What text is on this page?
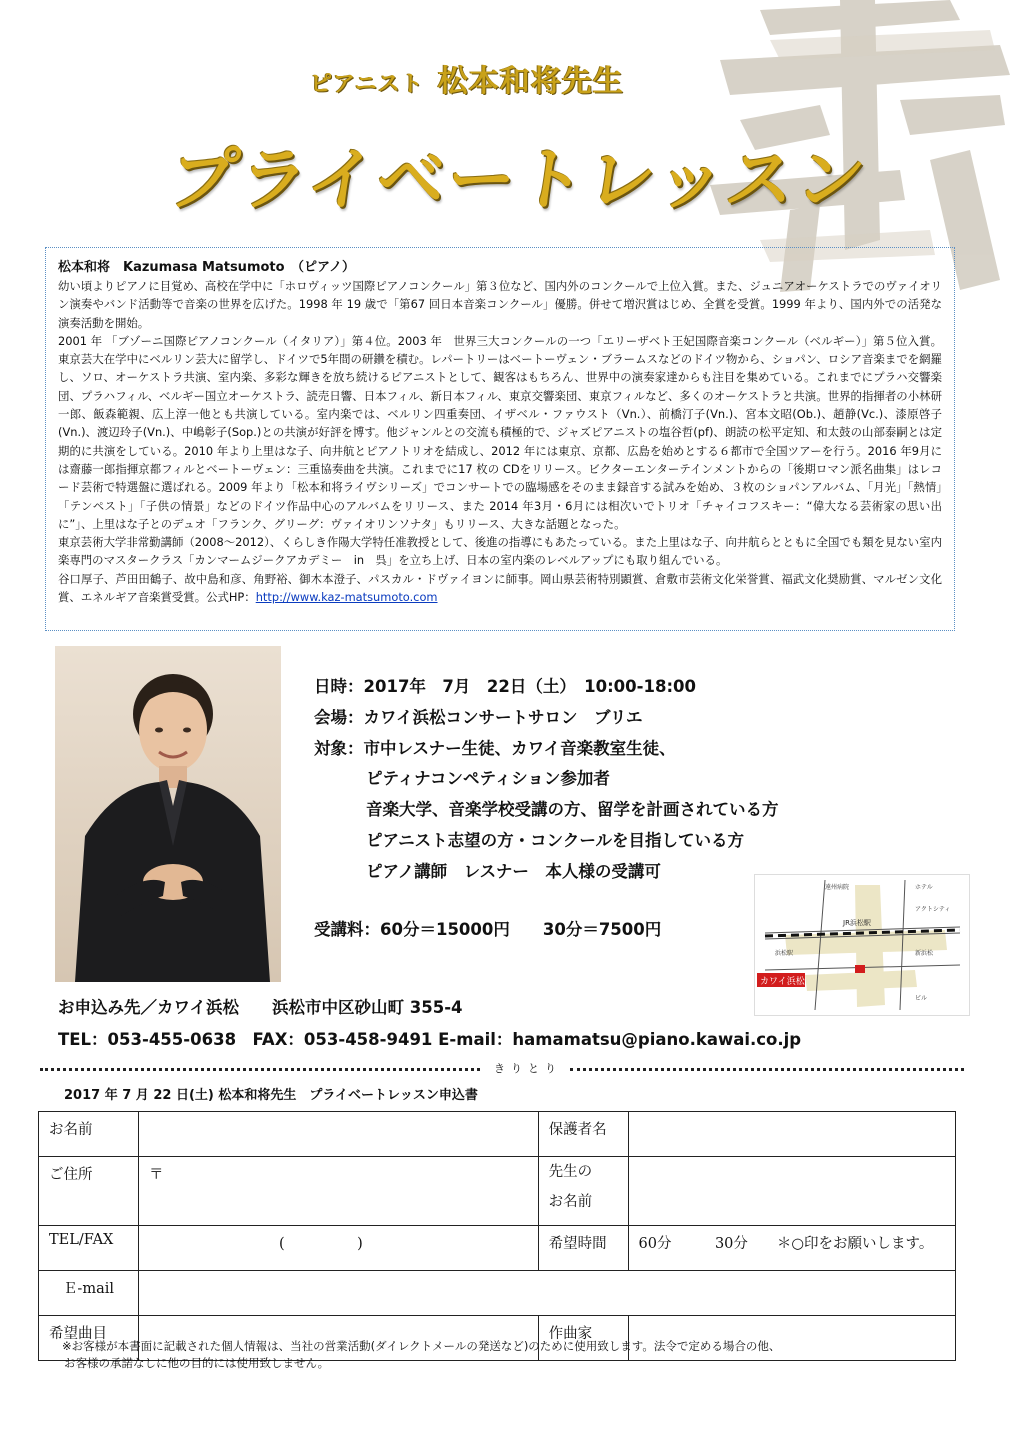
ピアニスト 松本和将先生
プライベートレッスン
松本和将　Kazumasa Matsumoto　（ピアノ）

幼い頃よりピアノに目覚め、高校在学中に「ホロヴィッツ国際ピアノコンクール」第３位など、国内外のコンクールで上位入賞。また、ジュニアオーケストラでのヴァイオリン演奏やバンド活動等で音楽の世界を広げた。1998 年 19 歳で「第67 回日本音楽コンクール」優勝。併せて増沢賞はじめ、全賞を受賞。1999 年より、国内外での活発な演奏活動を開始。

2001 年 「ブゾーニ国際ピアノコンクール（イタリア）」第４位。2003 年　世界三大コンクールの一つ「エリーザベト王妃国際音楽コンクール（ベルギー）」第５位入賞。東京芸大在学中にベルリン芸大に留学し、ドイツで5年間の研鑽を積む。レパートリーはベートーヴェン・ブラームスなどのドイツ物から、ショパン、ロシア音楽までを網羅し、ソロ、オーケストラ共演、室内楽、多彩な輝きを放ち続けるピアニストとして、観客はもちろん、世界中の演奏家達からも注目を集めている。これまでにプラハ交響楽団、プラハフィル、ベルギー国立オーケストラ、読売日響、日本フィル、新日本フィル、東京交響楽団、東京フィルなど、多くのオーケストラと共演。世界的指揮者の小林研一郎、飯森範親、広上淳一他とも共演している。室内楽では、ベルリン四重奏団、イザベル・ファウスト（Vn.）、前橋汀子(Vn.)、宮本文昭(Ob.)、趙静(Vc.)、漆原啓子(Vn.)、渡辺玲子(Vn.)、中嶋彰子(Sop.)との共演が好評を博す。他ジャンルとの交流も積極的で、ジャズピアニストの塩谷哲(pf)、朗読の松平定知、和太鼓の山部泰嗣とは定期的に共演をしている。2010 年より上里はな子、向井航とピアノトリオを結成し、2012 年には東京、京都、広島を始めとする６都市で全国ツアーを行う。2016 年9月には齋藤一郎指揮京都フィルとベートーヴェン：三重協奏曲を共演。これまでに17 枚の CDをリリース。ビクターエンターテインメントからの「後期ロマン派名曲集」はレコード芸術で特選盤に選ばれる。2009 年より「松本和将ライヴシリーズ」でコンサートでの臨場感をそのまま録音する試みを始め、３枚のショパンアルバム、「月光」「熱情」「テンペスト」「子供の情景」などのドイツ作品中心のアルバムをリリース、また 2014 年3月・6月には相次いでトリオ「チャイコフスキー：“偉大なる芸術家の思い出に”」、上里はな子とのデュオ「フランク、グリーグ：ヴァイオリンソナタ」もリリース、大きな話題となった。

東京芸術大学非常勤講師（2008〜2012）、くらしき作陽大学特任准教授として、後進の指導にもあたっている。また上里はな子、向井航らとともに全国でも類を見ない室内楽専門のマスタークラス「カンマームジークアカデミー　in　呉」を立ち上げ、日本の室内楽のレベルアップにも取り組んでいる。

谷口厚子、芦田田鶴子、故中島和彦、角野裕、御木本澄子、パスカル・ドヴァイヨンに師事。岡山県芸術特別顕賞、倉敷市芸術文化栄誉賞、福武文化奨励賞、マルゼン文化賞、エネルギア音楽賞受賞。公式HP：http://www.kaz-matsumoto.com

日時：2017年　7月　22日（土）　10:00-18:00
会場：カワイ浜松コンサートサロン　ブリエ
対象：市中レスナー生徒、カワイ音楽教室生徒、
ピティナコンペティション参加者
音楽大学、音楽学校受講の方、留学を計画されている方
ピアニスト志望の方・コンクールを目指している方
ピアノ講師　レスナー　本人様の受講可
受講料：60分＝15000円　　30分＝7500円
カワイ浜松
JR浜松駅
遠州病院	ホテル
アクトシティ
新浜松
浜松駅
ビル
お申込み先／カワイ浜松　　浜松市中区砂山町 355-4
TEL：053-455-0638　FAX：053-458-9491 E-mail：hamamatsu@piano.kawai.co.jp
きりとり
2017 年 7 月 22 日(土) 松本和将先生　プライベートレッスン申込書
お名前		保護者名	
ご住所	〒	先生の
お名前	

TEL/FAX	(　　　　　)	希望時間	60分　　　30分　　＊○印をお願いします。
Ｅ-mail			
希望曲目		作曲家	
※お客様が本書面に記載された個人情報は、当社の営業活動(ダイレクトメールの発送など)のために使用致します。法令で定める場合の他、
お客様の承諾なしに他の目的には使用致しません。
